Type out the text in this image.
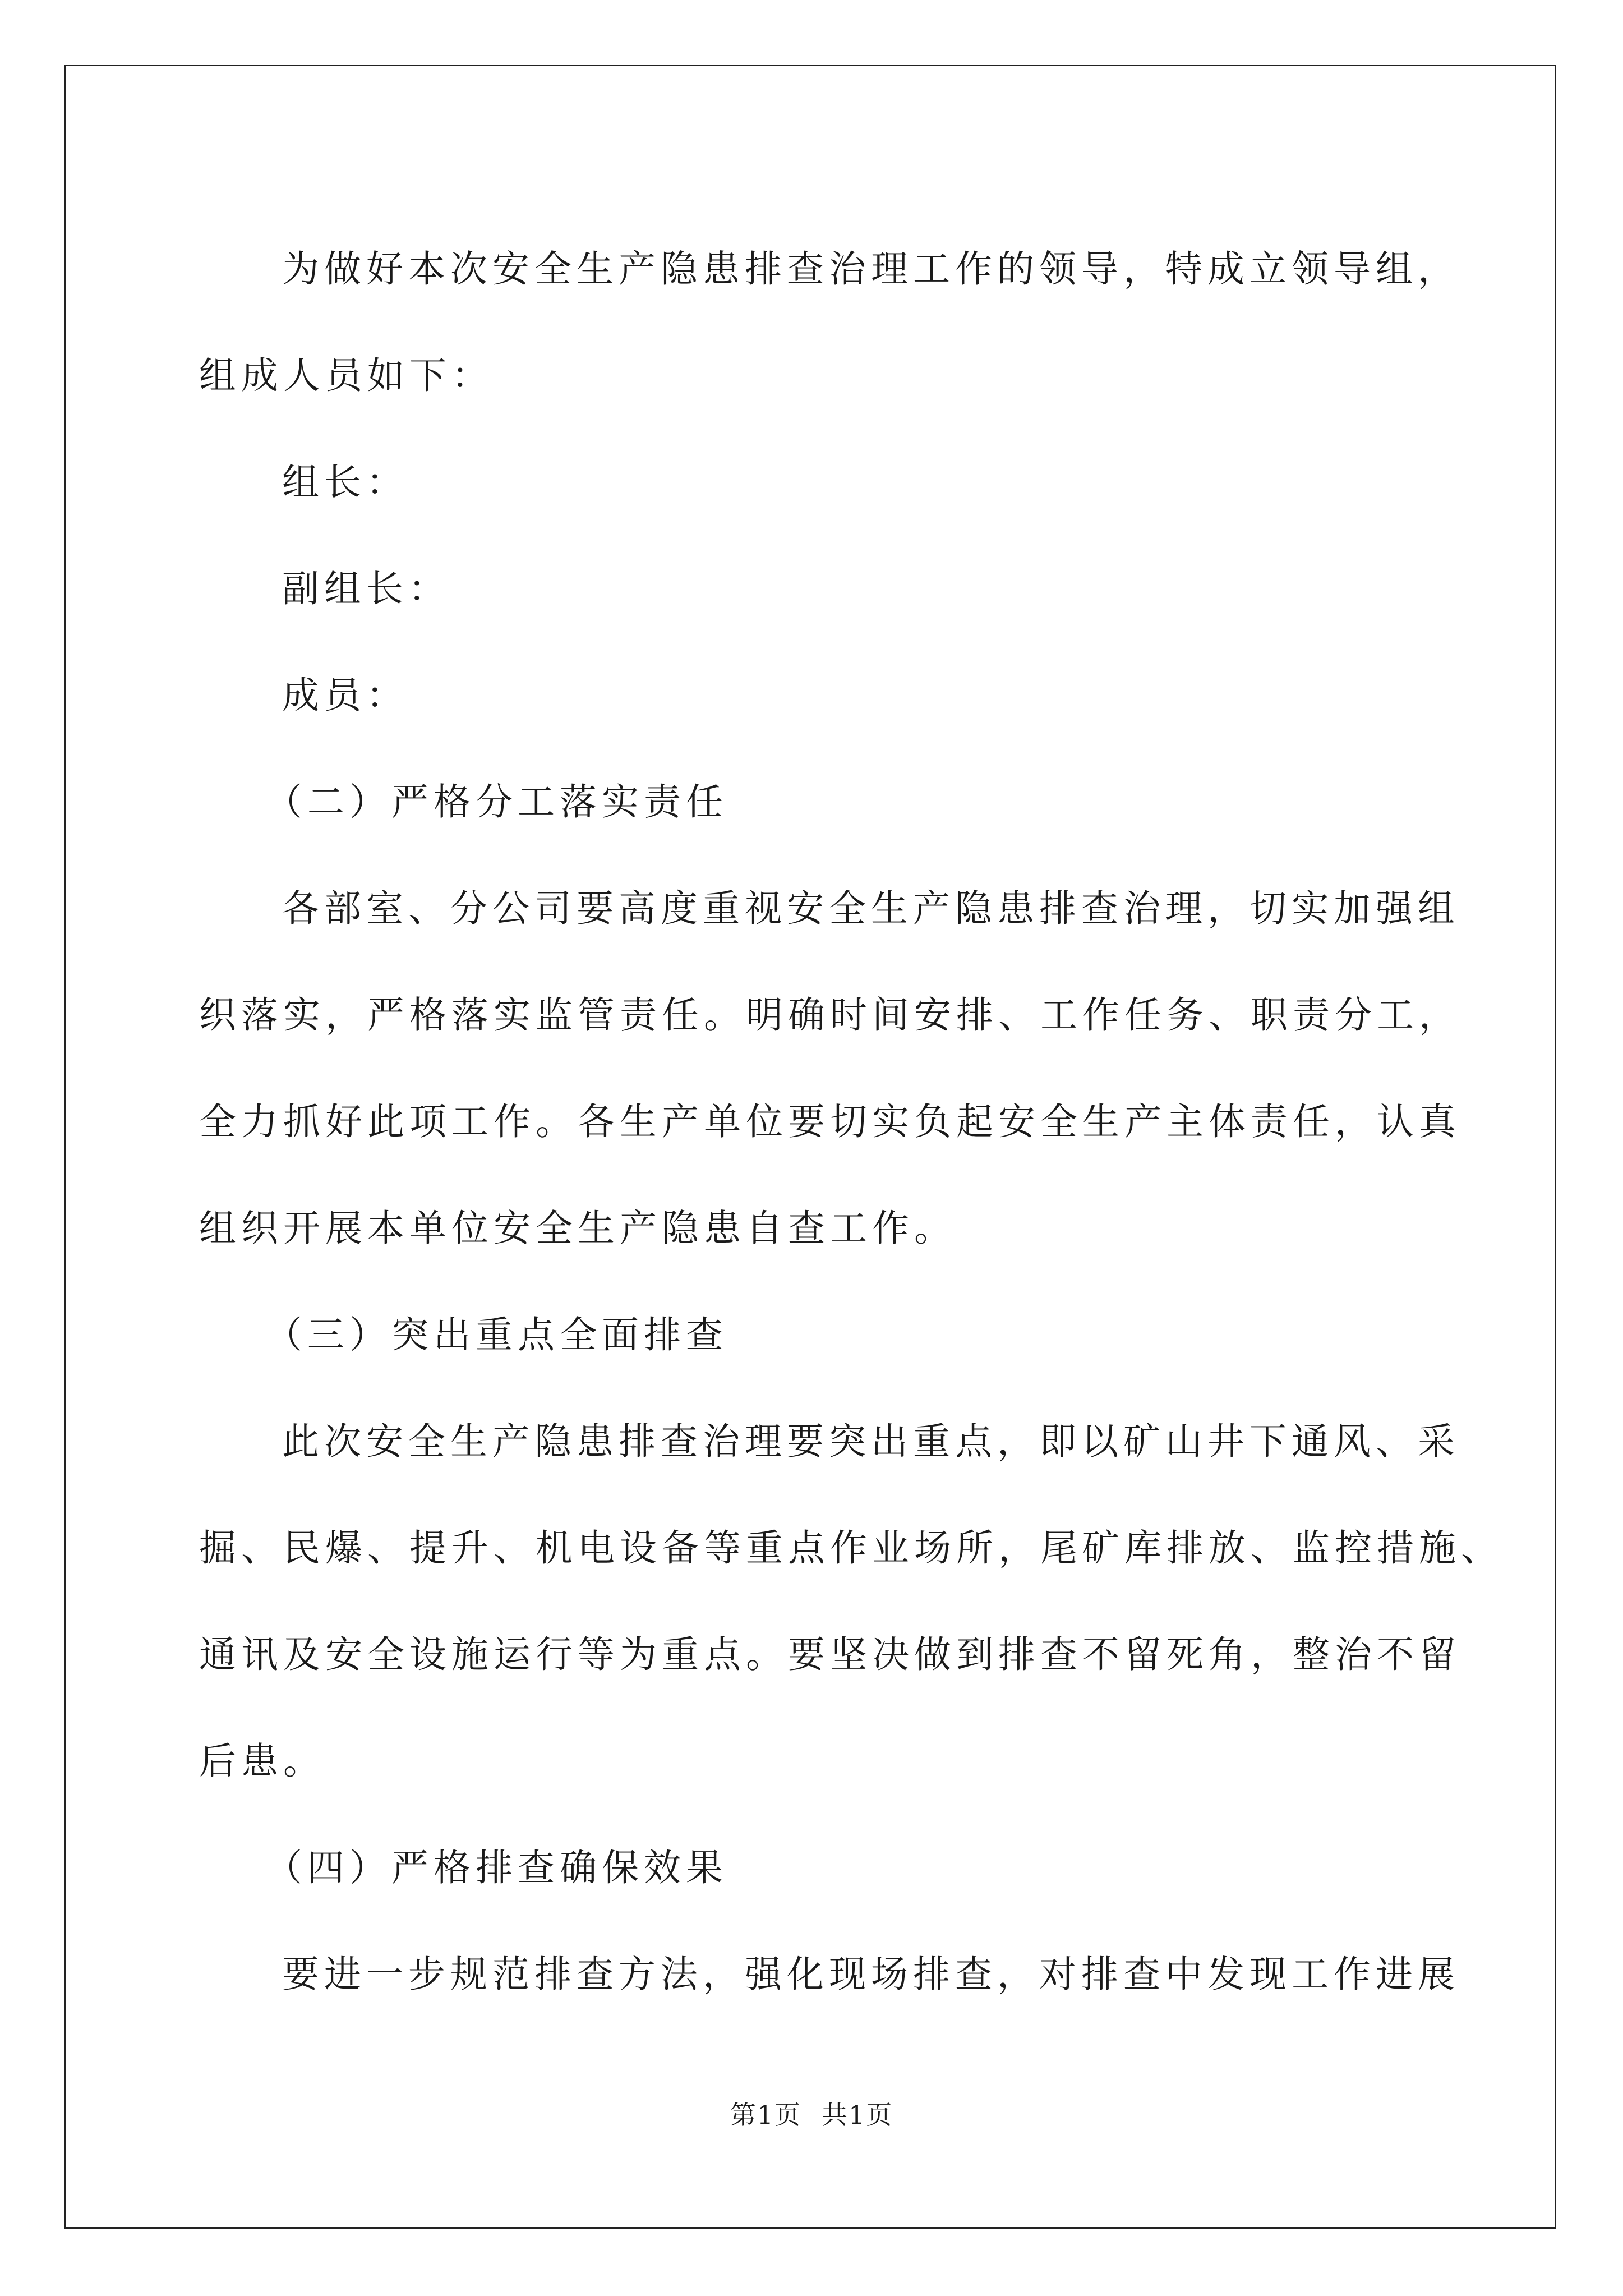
为做好本次安全生产隐患排查治理工作的领导，特成立领导组，
组成人员如下：

组长：

副组长：

成员：

（二）严格分工落实责任

各部室、分公司要高度重视安全生产隐患排查治理，切实加强组
织落实，严格落实监管责任。明确时间安排、工作任务、职责分工，
全力抓好此项工作。各生产单位要切实负起安全生产主体责任，认真
组织开展本单位安全生产隐患自查工作。

（三）突出重点全面排查

此次安全生产隐患排查治理要突出重点，即以矿山井下通风、采
掘、民爆、提升、机电设备等重点作业场所，尾矿库排放、监控措施、
通讯及安全设施运行等为重点。要坚决做到排查不留死角，整治不留
后患。

（四）严格排查确保效果

要进一步规范排查方法，强化现场排查，对排查中发现工作进展

第1页 共1页
